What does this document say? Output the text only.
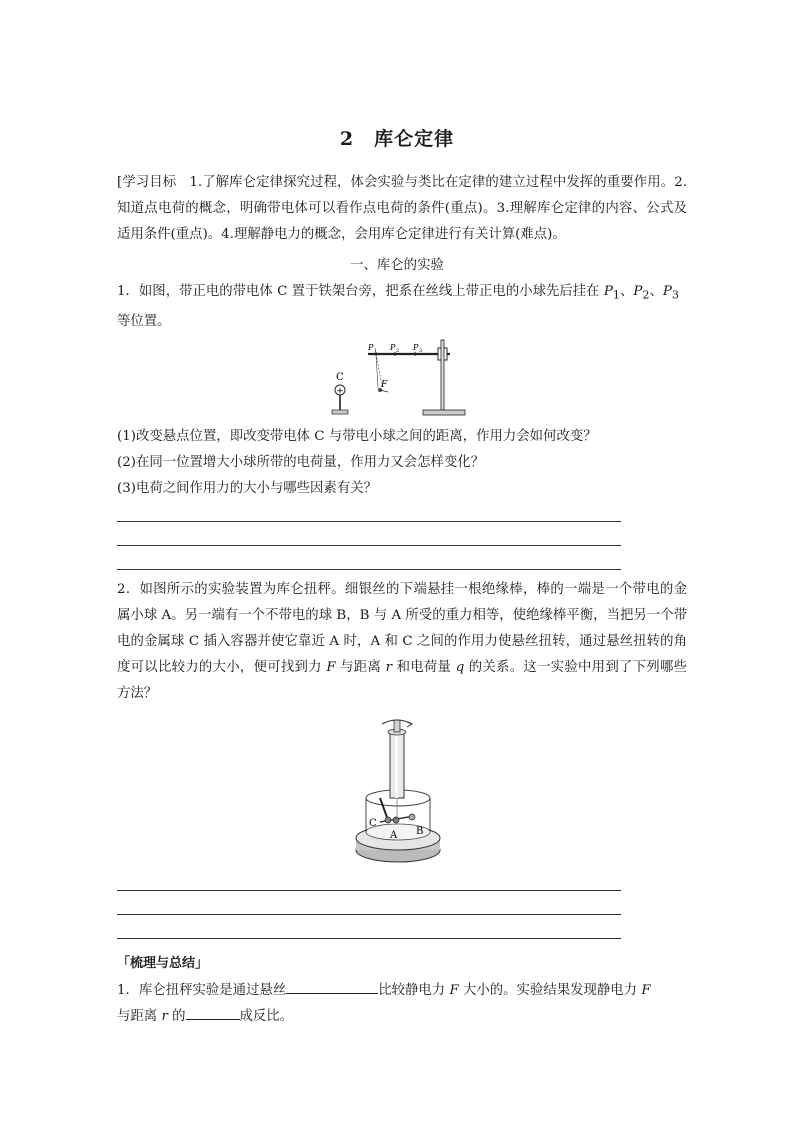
2　库仑定律
[学习目标 1.了解库仑定律探究过程，体会实验与类比在定律的建立过程中发挥的重要作用。2.知道点电荷的概念，明确带电体可以看作点电荷的条件(重点)。3.理解库仑定律的内容、公式及适用条件(重点)。4.理解静电力的概念，会用库仑定律进行有关计算(难点)。
一、库仑的实验
1．如图，带正电的带电体 C 置于铁架台旁，把系在丝线上带正电的小球先后挂在 $P_1$、$P_2$、$P_3$
等位置。
+
C
F
P 1 P 2 P 3
(1)改变悬点位置，即改变带电体 C 与带电小球之间的距离，作用力会如何改变？
(2)在同一位置增大小球所带的电荷量，作用力又会怎样变化？
(3)电荷之间作用力的大小与哪些因素有关？
2．如图所示的实验装置为库仑扭秤。细银丝的下端悬挂一根绝缘棒，棒的一端是一个带电的金属小球 A。另一端有一个不带电的球 B，B 与 A 所受的重力相等，使绝缘棒平衡，当把另一个带电的金属球 C 插入容器并使它靠近 A 时，A 和 C 之间的作用力使悬丝扭转，通过悬丝扭转的角度可以比较力的大小，便可找到力 F 与距离 r 和电荷量 q 的关系。这一实验中用到了下列哪些方法？
C
A B
「梳理与总结」
1．库仑扭秤实验是通过悬丝	比较静电力 F 大小的。实验结果发现静电力 F
与距离 r 的	成反比。
